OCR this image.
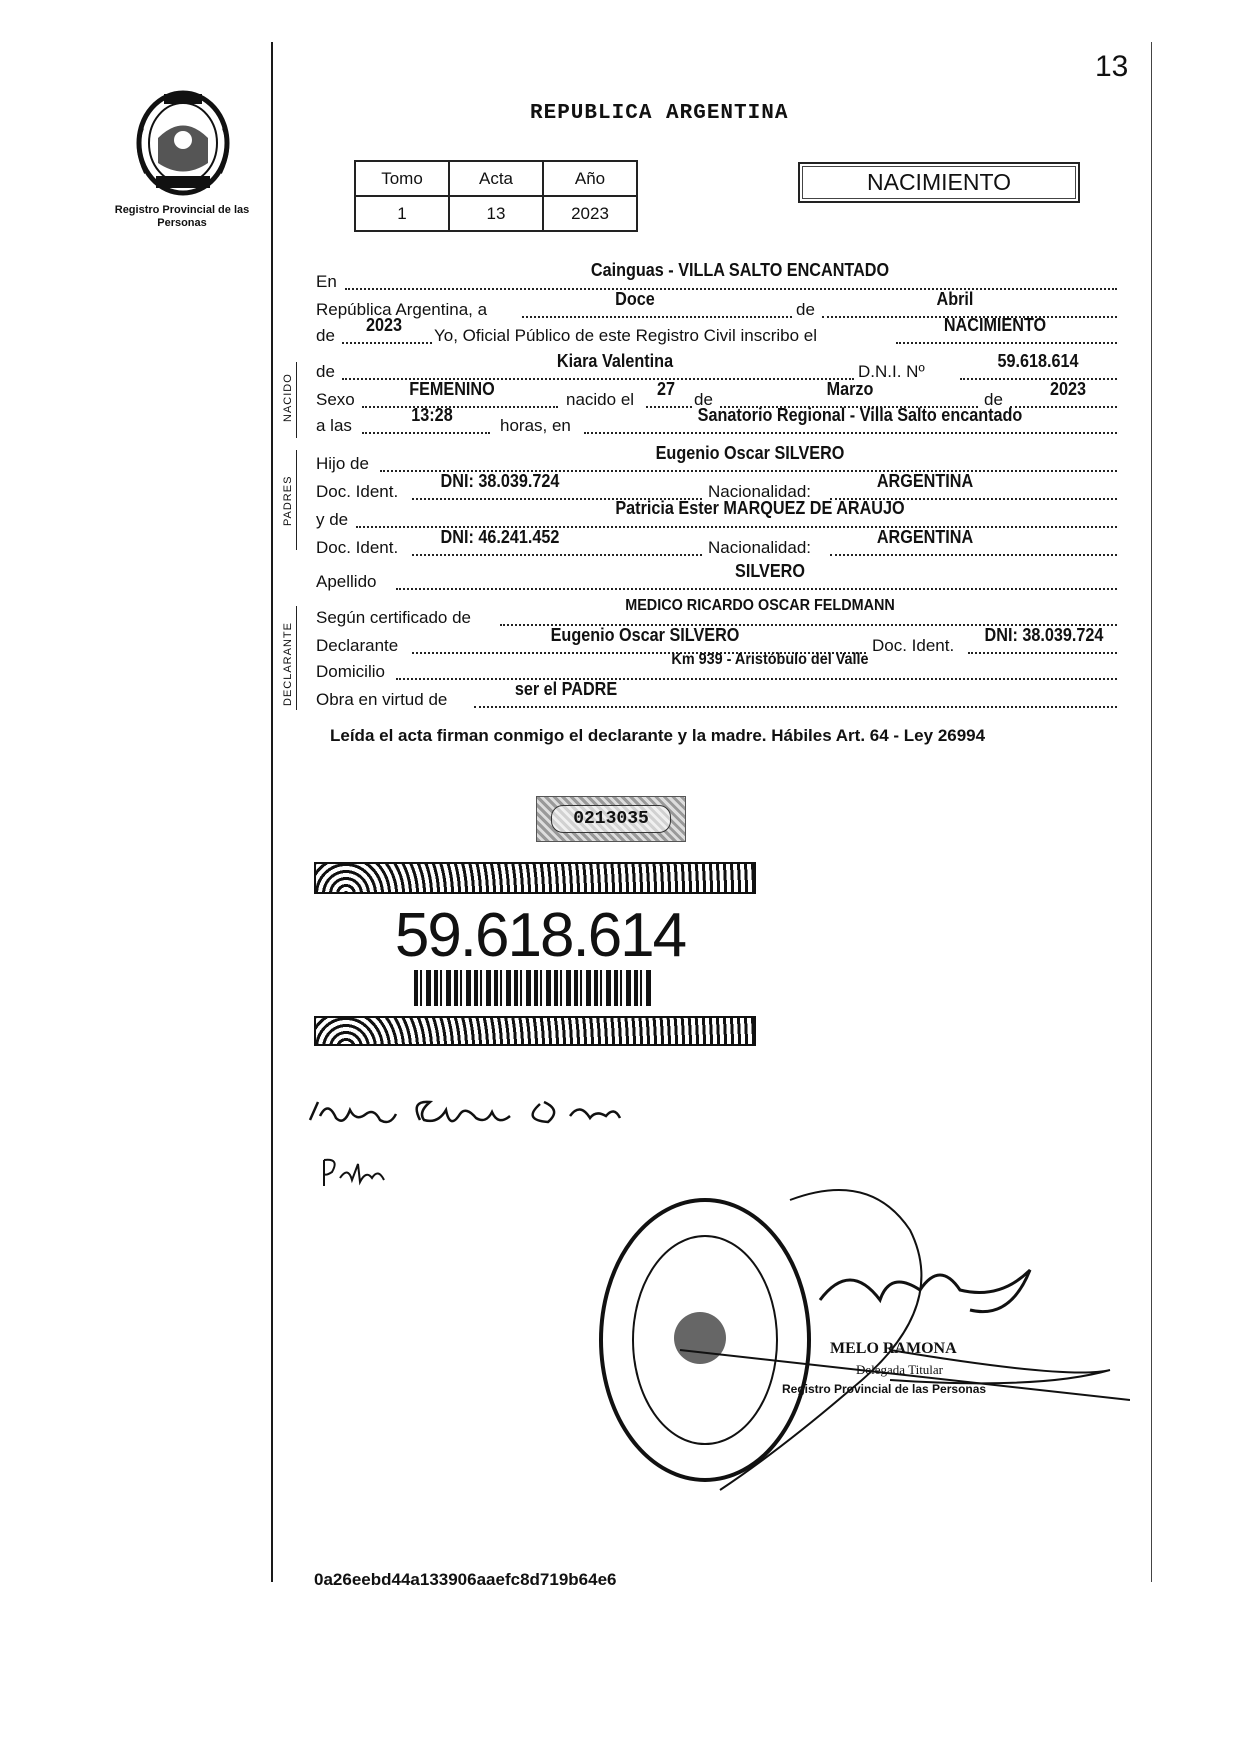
13
Registro Provincial de las Personas
REPUBLICA ARGENTINA
Tomo	Acta	Año
1	13	2023
NACIMIENTO
En
Cainguas - VILLA SALTO ENCANTADO
República Argentina, a
Doce
de
Abril
de
2023
Yo, Oficial Público de este Registro Civil inscribo el
NACIMIENTO
NACIDO
de
Kiara Valentina
D.N.I. Nº
59.618.614
Sexo
FEMENINO
nacido el
27
de
Marzo
de
2023
a las
13:28
horas, en
Sanatorio Regional - Villa Salto encantado
PADRES
Hijo de
Eugenio Oscar SILVERO
Doc. Ident.
DNI: 38.039.724
Nacionalidad:
ARGENTINA
y de
Patricia Ester MARQUEZ DE ARAUJO
Doc. Ident.
DNI: 46.241.452
Nacionalidad:
ARGENTINA
Apellido
SILVERO
DECLARANTE
Según certificado de
MEDICO RICARDO OSCAR FELDMANN
Declarante
Eugenio Oscar SILVERO
Doc. Ident.
DNI: 38.039.724
Domicilio
Km 939 - Aristóbulo del Valle
Obra en virtud de
ser el PADRE
Leída el acta firman conmigo el declarante y la madre. Hábiles Art. 64 - Ley 26994
0213035
59.618.614
MELO RAMONA
Delegada Titular
Registro Provincial de las Personas
0a26eebd44a133906aaefc8d719b64e6
